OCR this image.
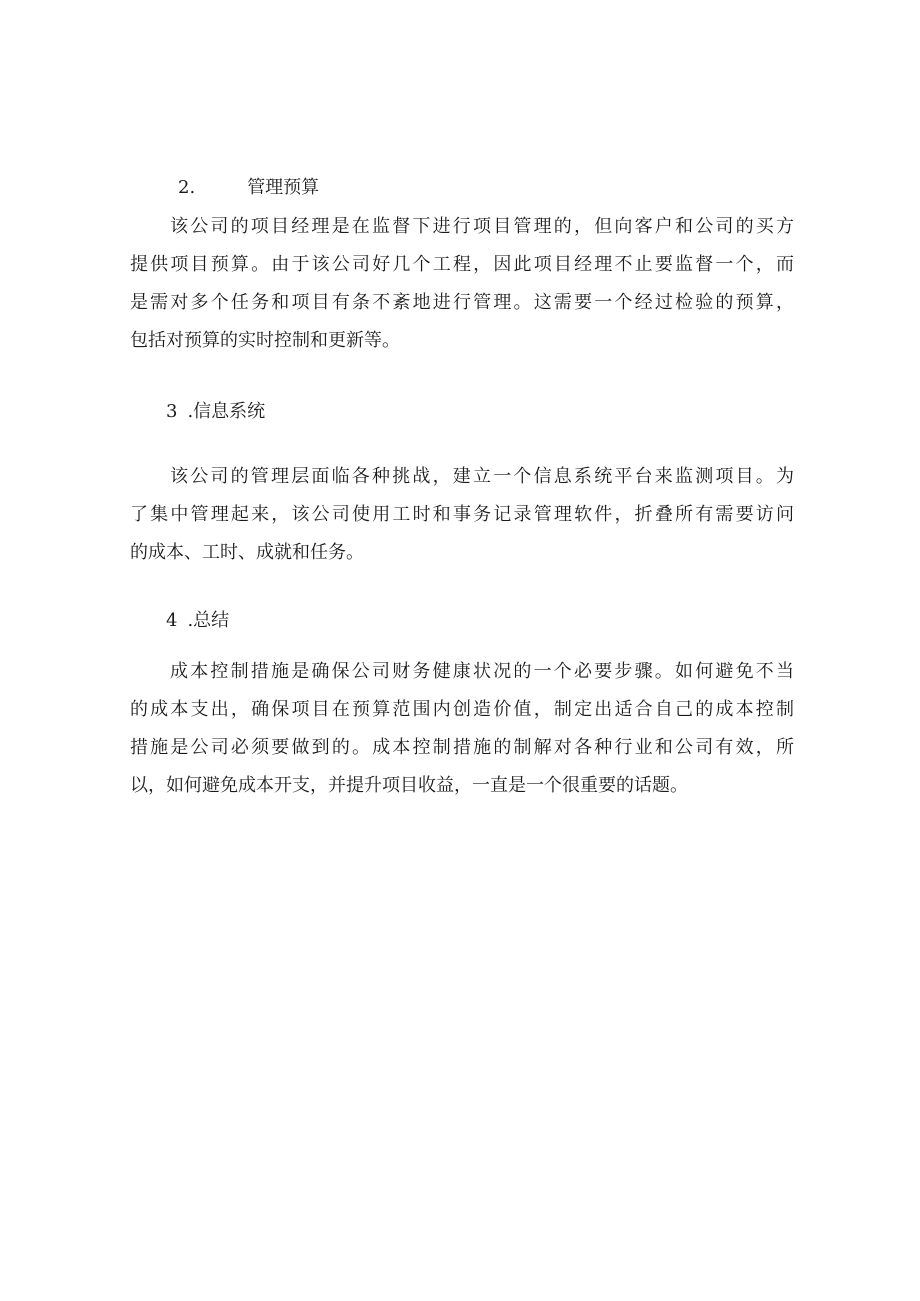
2.	管理预算
该公司的项目经理是在监督下进行项目管理的，但向客户和公司的买方
提供项目预算。由于该公司好几个工程，因此项目经理不止要监督一个，而
是需对多个任务和项目有条不紊地进行管理。这需要一个经过检验的预算，
包括对预算的实时控制和更新等。
3 .信息系统
该公司的管理层面临各种挑战，建立一个信息系统平台来监测项目。为
了集中管理起来，该公司使用工时和事务记录管理软件，折叠所有需要访问
的成本、工时、成就和任务。
4 .总结
成本控制措施是确保公司财务健康状况的一个必要步骤。如何避免不当
的成本支出，确保项目在预算范围内创造价值，制定出适合自己的成本控制
措施是公司必须要做到的。成本控制措施的制解对各种行业和公司有效，所
以，如何避免成本开支，并提升项目收益，一直是一个很重要的话题。
